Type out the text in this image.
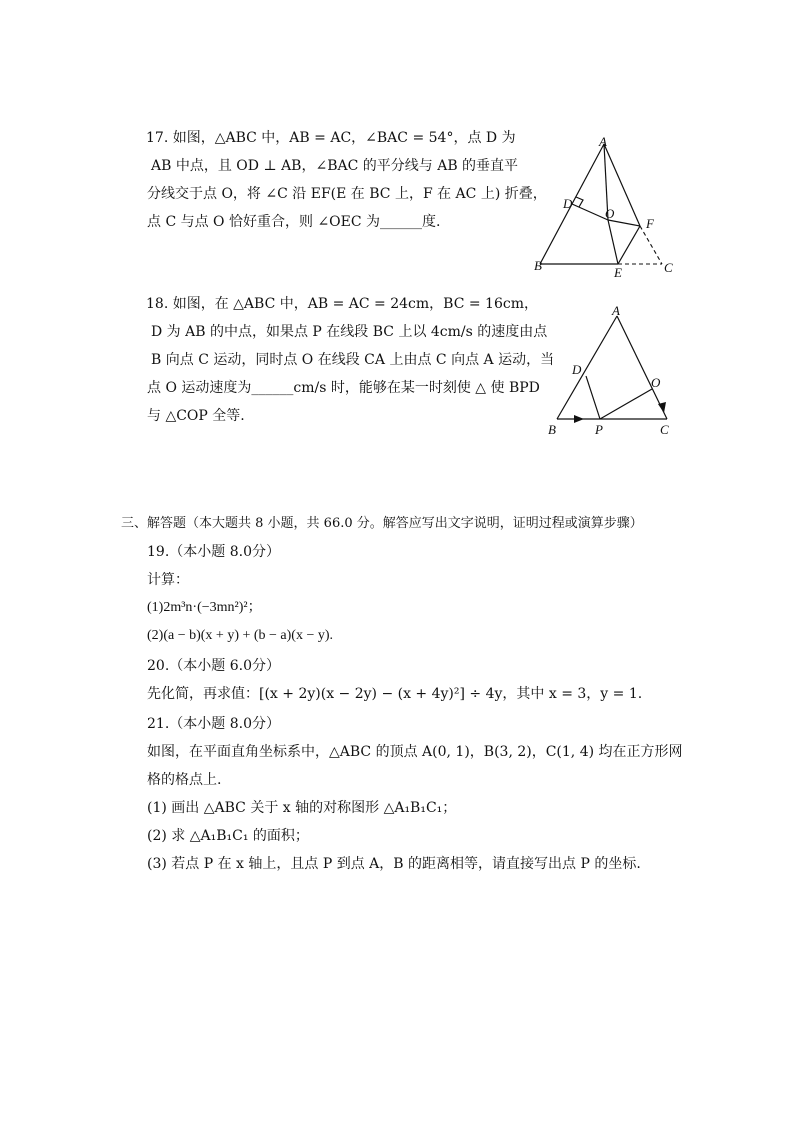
17. 如图，△ABC 中，AB = AC，∠BAC = 54°，点 D 为
AB 中点，且 OD ⊥ AB，∠BAC 的平分线与 AB 的垂直平
分线交于点 O，将 ∠C 沿 EF(E 在 BC 上，F 在 AC 上) 折叠，
点 C 与点 O 恰好重合，则 ∠OEC 为______度.
A
D
O
F
B	E	C
18. 如图，在 △ABC 中，AB = AC = 24cm，BC = 16cm，
D 为 AB 的中点，如果点 P 在线段 BC 上以 4cm/s 的速度由点
B 向点 C 运动，同时点 O 在线段 CA 上由点 C 向点 A 运动，当
点 O 运动速度为______cm/s 时，能够在某一时刻使 △ 使 BPD
与 △COP 全等.
A
D
O
B	P	C
三、解答题（本大题共 8 小题，共 66.0 分。解答应写出文字说明，证明过程或演算步骤）
19.（本小题 8.0分）
计算：
(1)2m³n·(−3mn²)²；
(2)(a − b)(x + y) + (b − a)(x − y).
20.（本小题 6.0分）
先化简，再求值：[(x + 2y)(x − 2y) − (x + 4y)²] ÷ 4y，其中 x = 3，y = 1.
21.（本小题 8.0分）
如图，在平面直角坐标系中，△ABC 的顶点 A(0, 1)，B(3, 2)，C(1, 4) 均在正方形网
格的格点上.
(1) 画出 △ABC 关于 x 轴的对称图形 △A₁B₁C₁；
(2) 求 △A₁B₁C₁ 的面积；
(3) 若点 P 在 x 轴上，且点 P 到点 A，B 的距离相等，请直接写出点 P 的坐标.
